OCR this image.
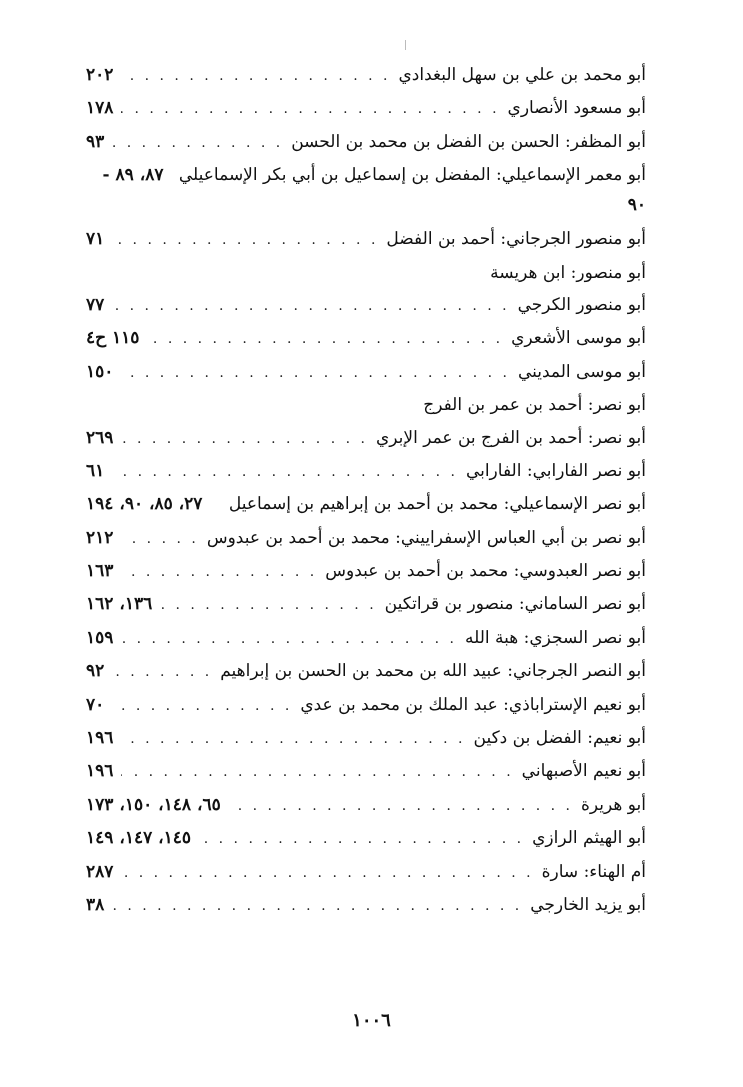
أبو محمد بن علي بن سهل البغدادي
. . .
٢٠٢
أبو مسعود الأنصاري
. . .
١٧٨
أبو المظفر: الحسن بن الفضل بن محمد بن الحسن
. . .
٩٣
أبو معمر الإسماعيلي: المفضل بن إسماعيل بن أبي بكر الإسماعيلي ٨٧، ٨٩ -
٩٠
أبو منصور الجرجاني: أحمد بن الفضل
. . .
٧١
أبو منصور: ابن هريسة
أبو منصور الكرجي
. . .
٧٧
أبو موسى الأشعري
. . .
١١٥ ح٤
أبو موسى المديني
. . .
١٥٠
أبو نصر: أحمد بن عمر بن الفرج
أبو نصر: أحمد بن الفرج بن عمر الإبري
. . .
٢٦٩
أبو نصر الفارابي: الفارابي
. . .
٦١
أبو نصر الإسماعيلي: محمد بن أحمد بن إبراهيم بن إسماعيل
٢٧، ٨٥، ٩٠، ١٩٤
أبو نصر بن أبي العباس الإسفراييني: محمد بن أحمد بن عبدوس
. . .
٢١٢
أبو نصر العبدوسي: محمد بن أحمد بن عبدوس
. . .
١٦٣
أبو نصر الساماني: منصور بن قراتكين
. . .
١٣٦، ١٦٢
أبو نصر السجزي: هبة الله
. . .
١٥٩
أبو النصر الجرجاني: عبيد الله بن محمد بن الحسن بن إبراهيم
. . .
٩٢
أبو نعيم الإستراباذي: عبد الملك بن محمد بن عدي
. . .
٧٠
أبو نعيم: الفضل بن دكين
. . .
١٩٦
أبو نعيم الأصبهاني
. . .
١٩٦
أبو هريرة
. . .
٦٥، ١٤٨، ١٥٠، ١٧٣
أبو الهيثم الرازي
. . .
١٤٥، ١٤٧، ١٤٩
أم الهناء: سارة
. . .
٢٨٧
أبو يزيد الخارجي
. . .
٣٨
١٠٠٦
